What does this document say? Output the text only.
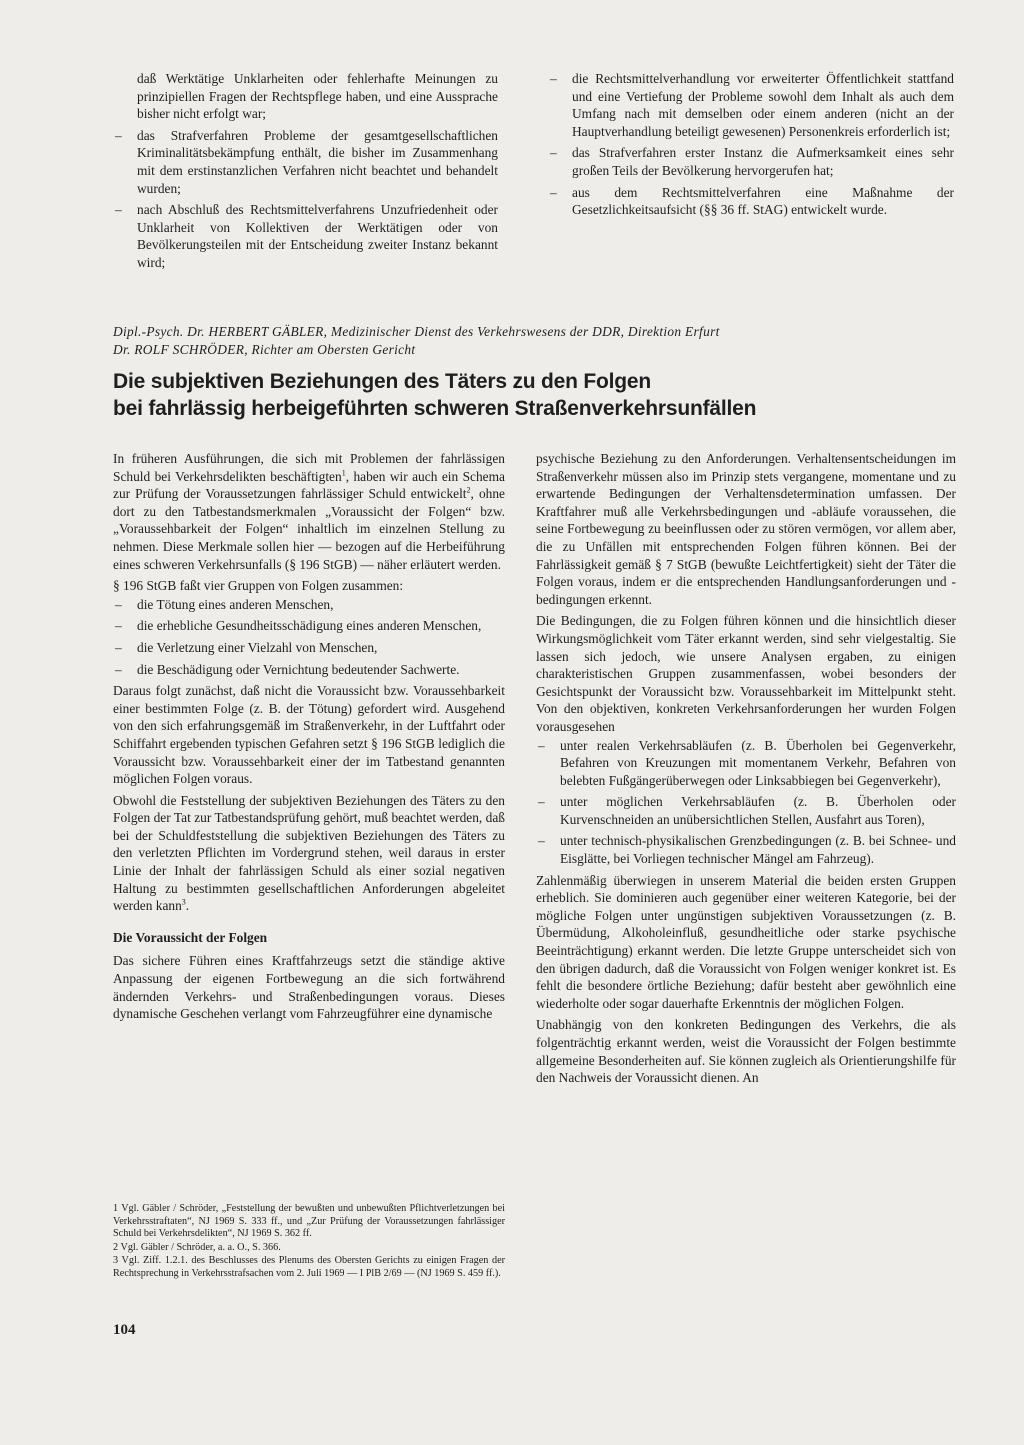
daß Werktätige Unklarheiten oder fehlerhafte Meinungen zu prinzipiellen Fragen der Rechtspflege haben, und eine Aussprache bisher nicht erfolgt war;

– das Strafverfahren Probleme der gesamtgesellschaftlichen Kriminalitätsbekämpfung enthält, die bisher im Zusammenhang mit dem erstinstanzlichen Verfahren nicht beachtet und behandelt wurden;

– nach Abschluß des Rechtsmittelverfahrens Unzufriedenheit oder Unklarheit von Kollektiven der Werktätigen oder von Bevölkerungsteilen mit der Entscheidung zweiter Instanz bekannt wird;

– die Rechtsmittelverhandlung vor erweiterter Öffentlichkeit stattfand und eine Vertiefung der Probleme sowohl dem Inhalt als auch dem Umfang nach mit demselben oder einem anderen (nicht an der Hauptverhandlung beteiligt gewesenen) Personenkreis erforderlich ist;

– das Strafverfahren erster Instanz die Aufmerksamkeit eines sehr großen Teils der Bevölkerung hervorgerufen hat;

– aus dem Rechtsmittelverfahren eine Maßnahme der Gesetzlichkeitsaufsicht (§§ 36 ff. StAG) entwickelt wurde.

Dipl.-Psych. Dr. HERBERT GÄBLER, Medizinischer Dienst des Verkehrswesens der DDR, Direktion Erfurt
Dr. ROLF SCHRÖDER, Richter am Obersten Gericht
Die subjektiven Beziehungen des Täters zu den Folgen
bei fahrlässig herbeigeführten schweren Straßenverkehrsunfällen

In früheren Ausführungen, die sich mit Problemen der fahrlässigen Schuld bei Verkehrsdelikten beschäftigten$^1$, haben wir auch ein Schema zur Prüfung der Voraussetzungen fahrlässiger Schuld entwickelt$^2$, ohne dort zu den Tatbestandsmerkmalen „Voraussicht der Folgen“ bzw. „Voraussehbarkeit der Folgen“ inhaltlich im einzelnen Stellung zu nehmen. Diese Merkmale sollen hier — bezogen auf die Herbeiführung eines schweren Verkehrsunfalls (§ 196 StGB) — näher erläutert werden.

§ 196 StGB faßt vier Gruppen von Folgen zusammen:

– die Tötung eines anderen Menschen,

– die erhebliche Gesundheitsschädigung eines anderen Menschen,

– die Verletzung einer Vielzahl von Menschen,

– die Beschädigung oder Vernichtung bedeutender Sachwerte.

Daraus folgt zunächst, daß nicht die Voraussicht bzw. Voraussehbarkeit einer bestimmten Folge (z. B. der Tötung) gefordert wird. Ausgehend von den sich erfahrungsgemäß im Straßenverkehr, in der Luftfahrt oder Schiffahrt ergebenden typischen Gefahren setzt § 196 StGB lediglich die Voraussicht bzw. Voraussehbarkeit einer der im Tatbestand genannten möglichen Folgen voraus.

Obwohl die Feststellung der subjektiven Beziehungen des Täters zu den Folgen der Tat zur Tatbestandsprüfung gehört, muß beachtet werden, daß bei der Schuldfeststellung die subjektiven Beziehungen des Täters zu den verletzten Pflichten im Vordergrund stehen, weil daraus in erster Linie der Inhalt der fahrlässigen Schuld als einer sozial negativen Haltung zu bestimmten gesellschaftlichen Anforderungen abgeleitet werden kann$^3$.

Die Voraussicht der Folgen

Das sichere Führen eines Kraftfahrzeugs setzt die ständige aktive Anpassung der eigenen Fortbewegung an die sich fortwährend ändernden Verkehrs- und Straßenbedingungen voraus. Dieses dynamische Geschehen verlangt vom Fahrzeugführer eine dynamische

1 Vgl. Gäbler / Schröder, „Feststellung der bewußten und unbewußten Pflichtverletzungen bei Verkehrsstraftaten“, NJ 1969 S. 333 ff., und „Zur Prüfung der Voraussetzungen fahrlässiger Schuld bei Verkehrsdelikten“, NJ 1969 S. 362 ff.
2 Vgl. Gäbler / Schröder, a. a. O., S. 366.
3 Vgl. Ziff. 1.2.1. des Beschlusses des Plenums des Obersten Gerichts zu einigen Fragen der Rechtsprechung in Verkehrsstrafsachen vom 2. Juli 1969 — I PlB 2/69 — (NJ 1969 S. 459 ff.).
104

psychische Beziehung zu den Anforderungen. Verhaltensentscheidungen im Straßenverkehr müssen also im Prinzip stets vergangene, momentane und zu erwartende Bedingungen der Verhaltensdetermination umfassen. Der Kraftfahrer muß alle Verkehrsbedingungen und -abläufe voraussehen, die seine Fortbewegung zu beeinflussen oder zu stören vermögen, vor allem aber, die zu Unfällen mit entsprechenden Folgen führen können. Bei der Fahrlässigkeit gemäß § 7 StGB (bewußte Leichtfertigkeit) sieht der Täter die Folgen voraus, indem er die entsprechenden Handlungsanforderungen und -bedingungen erkennt.

Die Bedingungen, die zu Folgen führen können und die hinsichtlich dieser Wirkungsmöglichkeit vom Täter erkannt werden, sind sehr vielgestaltig. Sie lassen sich jedoch, wie unsere Analysen ergaben, zu einigen charakteristischen Gruppen zusammenfassen, wobei besonders der Gesichtspunkt der Voraussicht bzw. Voraussehbarkeit im Mittelpunkt steht. Von den objektiven, konkreten Verkehrsanforderungen her wurden Folgen vorausgesehen

– unter realen Verkehrsabläufen (z. B. Überholen bei Gegenverkehr, Befahren von Kreuzungen mit momentanem Verkehr, Befahren von belebten Fußgängerüberwegen oder Linksabbiegen bei Gegenverkehr),

– unter möglichen Verkehrsabläufen (z. B. Überholen oder Kurvenschneiden an unübersichtlichen Stellen, Ausfahrt aus Toren),

– unter technisch-physikalischen Grenzbedingungen (z. B. bei Schnee- und Eisglätte, bei Vorliegen technischer Mängel am Fahrzeug).

Zahlenmäßig überwiegen in unserem Material die beiden ersten Gruppen erheblich. Sie dominieren auch gegenüber einer weiteren Kategorie, bei der mögliche Folgen unter ungünstigen subjektiven Voraussetzungen (z. B. Übermüdung, Alkoholeinfluß, gesundheitliche oder starke psychische Beeinträchtigung) erkannt werden. Die letzte Gruppe unterscheidet sich von den übrigen dadurch, daß die Voraussicht von Folgen weniger konkret ist. Es fehlt die besondere örtliche Beziehung; dafür besteht aber gewöhnlich eine wiederholte oder sogar dauerhafte Erkenntnis der möglichen Folgen.

Unabhängig von den konkreten Bedingungen des Verkehrs, die als folgenträchtig erkannt werden, weist die Voraussicht der Folgen bestimmte allgemeine Besonderheiten auf. Sie können zugleich als Orientierungshilfe für den Nachweis der Voraussicht dienen. An
